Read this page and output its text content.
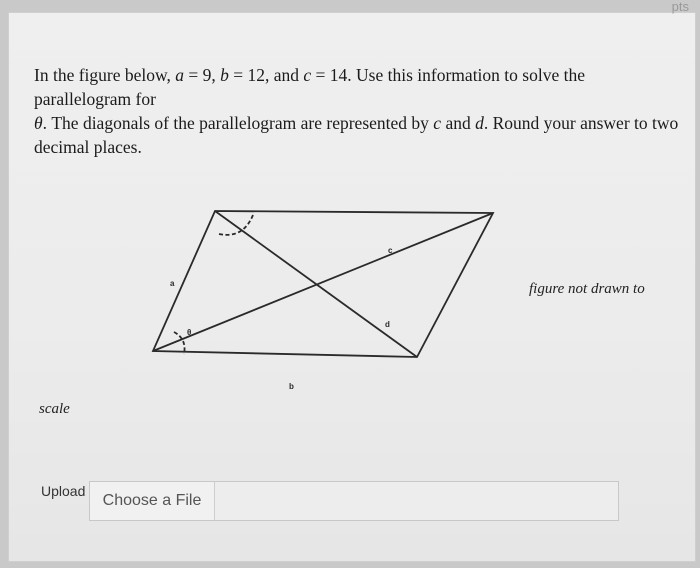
pts
In the figure below, a = 9, b = 12, and c = 14. Use this information to solve the parallelogram for
θ. The diagonals of the parallelogram are represented by c and d. Round your answer to two
decimal places.
a
b
c
d
θ
figure not drawn to
scale
Upload
Choose a File
